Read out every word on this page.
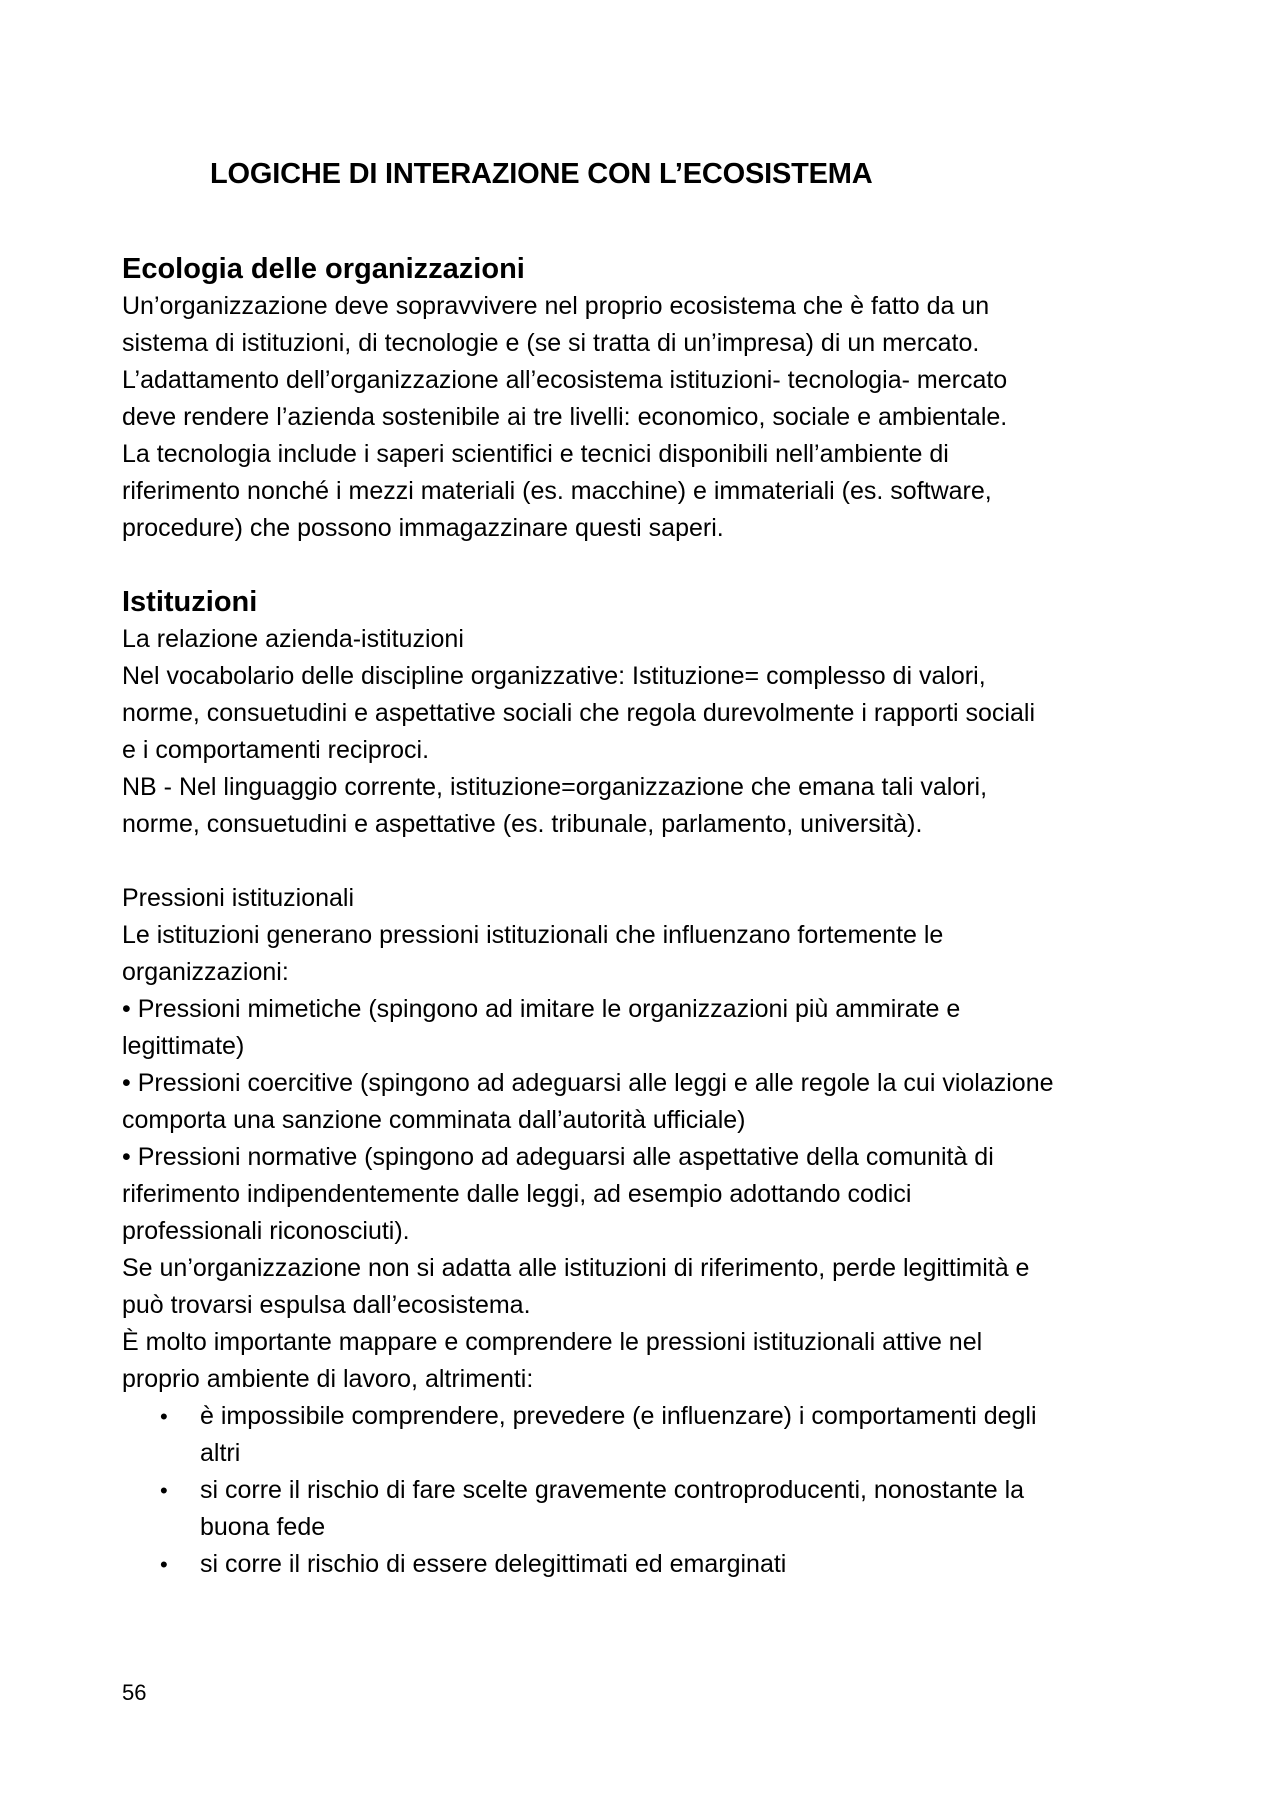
LOGICHE DI INTERAZIONE CON L’ECOSISTEMA
Ecologia delle organizzazioni

Un’organizzazione deve sopravvivere nel proprio ecosistema che è fatto da un

sistema di istituzioni, di tecnologie e (se si tratta di un’impresa) di un mercato.

L’adattamento dell’organizzazione all’ecosistema istituzioni- tecnologia- mercato

deve rendere l’azienda sostenibile ai tre livelli: economico, sociale e ambientale.

La tecnologia include i saperi scientifici e tecnici disponibili nell’ambiente di

riferimento nonché i mezzi materiali (es. macchine) e immateriali (es. software,

procedure) che possono immagazzinare questi saperi.

Istituzioni

La relazione azienda-istituzioni

Nel vocabolario delle discipline organizzative: Istituzione= complesso di valori,

norme, consuetudini e aspettative sociali che regola durevolmente i rapporti sociali

e i comportamenti reciproci.

NB - Nel linguaggio corrente, istituzione=organizzazione che emana tali valori,

norme, consuetudini e aspettative (es. tribunale, parlamento, università).

Pressioni istituzionali

Le istituzioni generano pressioni istituzionali che influenzano fortemente le

organizzazioni:

• Pressioni mimetiche (spingono ad imitare le organizzazioni più ammirate e

legittimate)

• Pressioni coercitive (spingono ad adeguarsi alle leggi e alle regole la cui violazione

comporta una sanzione comminata dall’autorità ufficiale)

• Pressioni normative (spingono ad adeguarsi alle aspettative della comunità di

riferimento indipendentemente dalle leggi, ad esempio adottando codici

professionali riconosciuti).

Se un’organizzazione non si adatta alle istituzioni di riferimento, perde legittimità e

può trovarsi espulsa dall’ecosistema.

È molto importante mappare e comprendere le pressioni istituzionali attive nel

proprio ambiente di lavoro, altrimenti:

• è impossibile comprendere, prevedere (e influenzare) i comportamenti degli

altri

• si corre il rischio di fare scelte gravemente controproducenti, nonostante la

buona fede

• si corre il rischio di essere delegittimati ed emarginati

56
